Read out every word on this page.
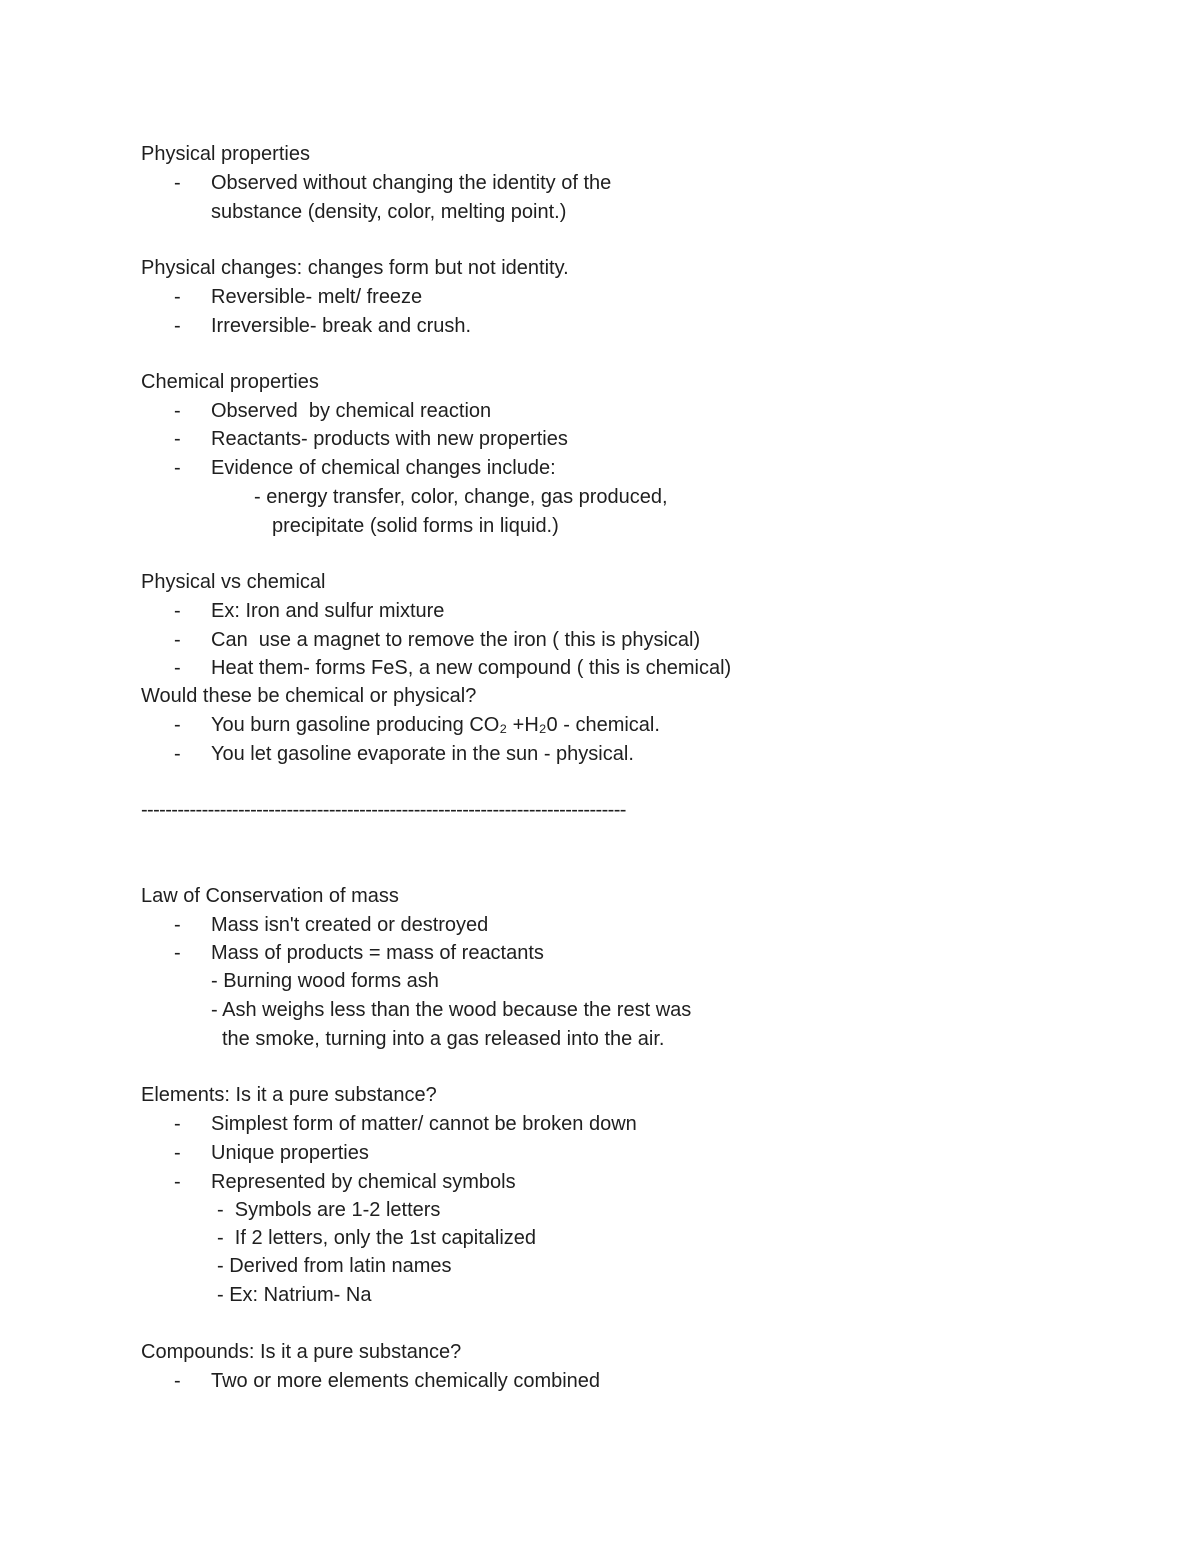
Physical properties
- Observed without changing the identity of the
substance (density, color, melting point.)
Physical changes: changes form but not identity.
- Reversible- melt/ freeze
- Irreversible- break and crush.
Chemical properties
- Observed  by chemical reaction
- Reactants- products with new properties
- Evidence of chemical changes include:
- energy transfer, color, change, gas produced,
precipitate (solid forms in liquid.)
Physical vs chemical
- Ex: Iron and sulfur mixture
- Can  use a magnet to remove the iron ( this is physical)
- Heat them- forms FeS, a new compound ( this is chemical)
Would these be chemical or physical?
- You burn gasoline producing CO₂ +H₂0 - chemical.
- You let gasoline evaporate in the sun - physical.
--------------------------------------------------------------------------------
Law of Conservation of mass
- Mass isn't created or destroyed
- Mass of products = mass of reactants
- Burning wood forms ash
- Ash weighs less than the wood because the rest was
the smoke, turning into a gas released into the air.
Elements: Is it a pure substance?
- Simplest form of matter/ cannot be broken down
- Unique properties
- Represented by chemical symbols
-  Symbols are 1-2 letters
-  If 2 letters, only the 1st capitalized
- Derived from latin names
- Ex: Natrium- Na
Compounds: Is it a pure substance?
- Two or more elements chemically combined
